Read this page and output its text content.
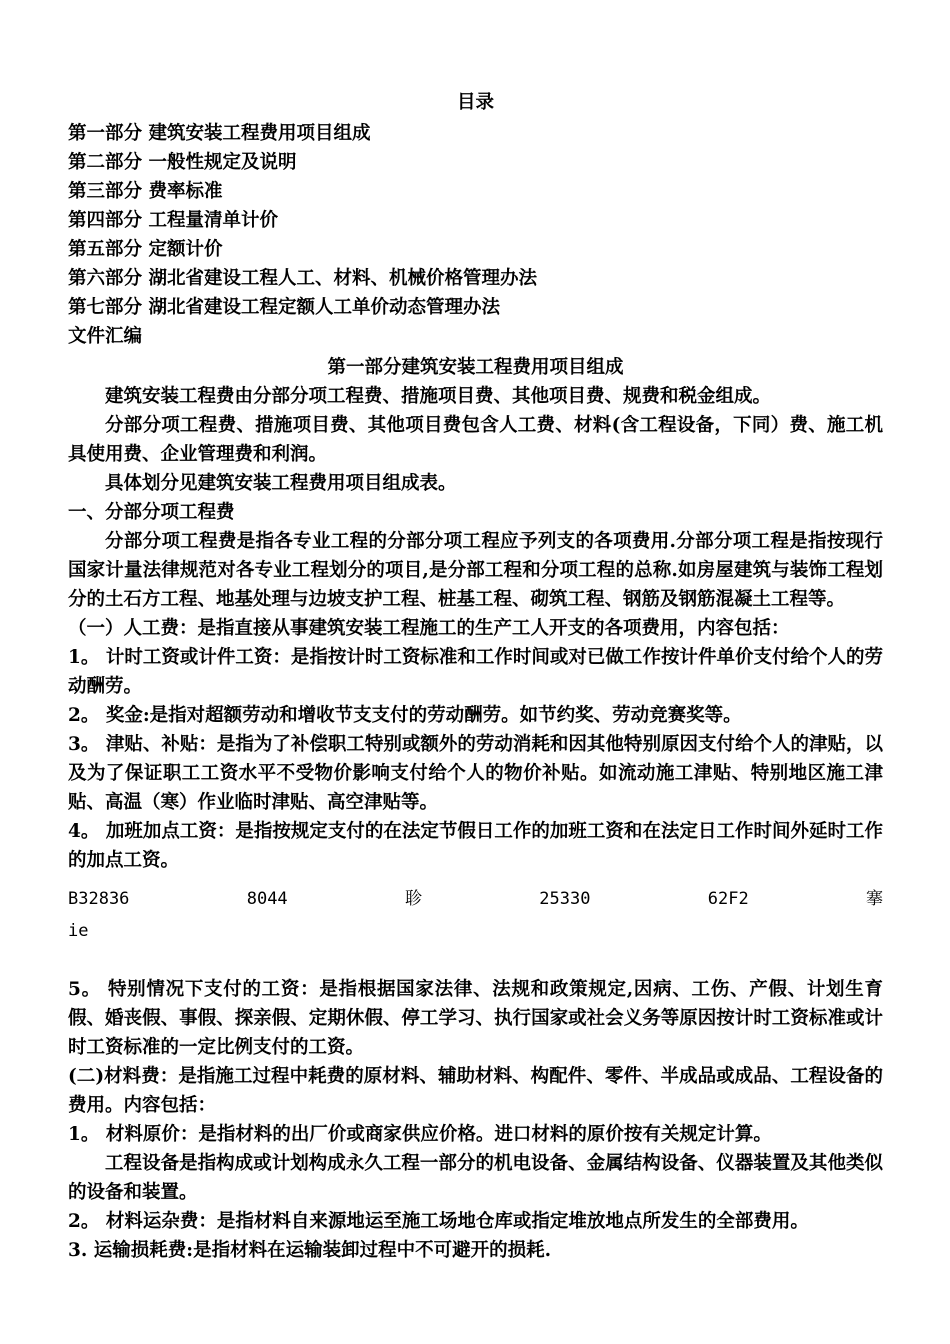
目录
第一部分 建筑安装工程费用项目组成
第二部分 一般性规定及说明
第三部分 费率标准
第四部分 工程量清单计价
第五部分 定额计价
第六部分 湖北省建设工程人工、材料、机械价格管理办法
第七部分 湖北省建设工程定额人工单价动态管理办法
文件汇编
第一部分建筑安装工程费用项目组成
建筑安装工程费由分部分项工程费、措施项目费、其他项目费、规费和税金组成。
分部分项工程费、措施项目费、其他项目费包含人工费、材料(含工程设备，下同）费、施工机具使用费、企业管理费和利润。
具体划分见建筑安装工程费用项目组成表。
一、分部分项工程费
分部分项工程费是指各专业工程的分部分项工程应予列支的各项费用.分部分项工程是指按现行国家计量法律规范对各专业工程划分的项目,是分部工程和分项工程的总称.如房屋建筑与装饰工程划分的土石方工程、地基处理与边坡支护工程、桩基工程、砌筑工程、钢筋及钢筋混凝土工程等。
（一）人工费：是指直接从事建筑安装工程施工的生产工人开支的各项费用，内容包括：
1。 计时工资或计件工资：是指按计时工资标准和工作时间或对已做工作按计件单价支付给个人的劳动酬劳。
2。 奖金:是指对超额劳动和增收节支支付的劳动酬劳。如节约奖、劳动竞赛奖等。
3。 津贴、补贴：是指为了补偿职工特别或额外的劳动消耗和因其他特别原因支付给个人的津贴，以及为了保证职工工资水平不受物价影响支付给个人的物价补贴。如流动施工津贴、特别地区施工津贴、高温（寒）作业临时津贴、高空津贴等。
4。 加班加点工资：是指按规定支付的在法定节假日工作的加班工资和在法定日工作时间外延时工作的加点工资。
B32836	8044	聄	25330	62F2	搴
ie
5。 特别情况下支付的工资：是指根据国家法律、法规和政策规定,因病、工伤、产假、计划生育假、婚丧假、事假、探亲假、定期休假、停工学习、执行国家或社会义务等原因按计时工资标准或计时工资标准的一定比例支付的工资。
(二)材料费：是指施工过程中耗费的原材料、辅助材料、构配件、零件、半成品或成品、工程设备的费用。内容包括：
1。 材料原价：是指材料的出厂价或商家供应价格。进口材料的原价按有关规定计算。
工程设备是指构成或计划构成永久工程一部分的机电设备、金属结构设备、仪器装置及其他类似的设备和装置。
2。 材料运杂费：是指材料自来源地运至施工场地仓库或指定堆放地点所发生的全部费用。
3. 运输损耗费:是指材料在运输装卸过程中不可避开的损耗.
